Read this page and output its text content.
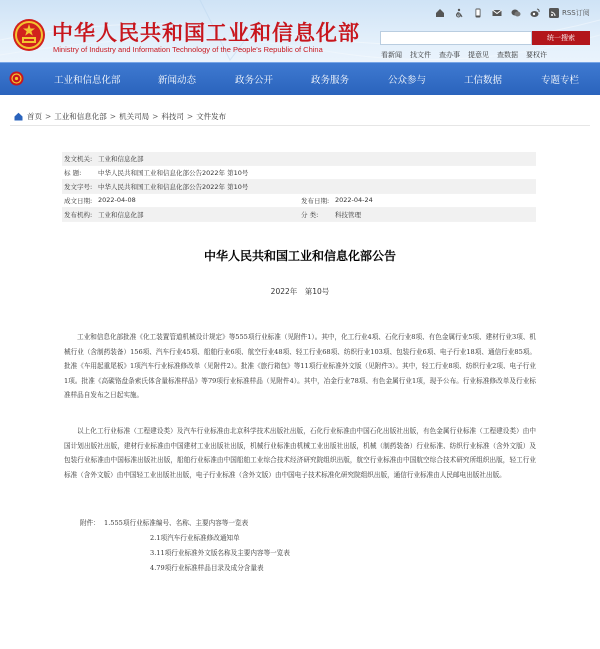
中华人民共和国工业和信息化部
Ministry of Industry and Information Technology of the People's Republic of China
RSS订阅
统一搜索
看新闻 找文件 查办事 提意见 查数据 要权许
工业和信息化部	新闻动态	政务公开	政务服务	公众参与	工信数据	专题专栏
首页 > 工业和信息化部 > 机关司局 > 科技司 > 文件发布
发文机关: 工业和信息化部
标 题:	中华人民共和国工业和信息化部公告2022年 第10号
发文字号: 中华人民共和国工业和信息化部公告2022年 第10号
成文日期: 2022-04-08	发布日期: 2022-04-24
发布机构: 工业和信息化部	分 类:	科技管理
中华人民共和国工业和信息化部公告
2022年　第10号

工业和信息化部批准《化工装置管道机械设计规定》等555项行业标准（见附件1）。其中，化工行业4项、石化行业8项、有色金属行业5项、建材行业3项、机械行业（含制药装备）156项、汽车行业45项、船舶行业6项、航空行业48项、轻工行业68项、纺织行业103项、包装行业6项、电子行业18项、通信行业85项。批准《车用起重尾板》1项汽车行业标准修改单（见附件2）。批准《旅行箱包》等11项行业标准外文版（见附件3）。其中，轻工行业8项、纺织行业2项、电子行业1项。批准《高碳铬盘条索氏体含量标准样品》等79项行业标准样品（见附件4）。其中，冶金行业78项、有色金属行业1项，现予公布。行业标准修改单及行业标准样品自发布之日起实施。

以上化工行业标准（工程建设类）及汽车行业标准由北京科学技术出版社出版，石化行业标准由中国石化出版社出版，有色金属行业标准（工程建设类）由中国计划出版社出版，建材行业标准由中国建材工业出版社出版，机械行业标准由机械工业出版社出版，机械（制药装备）行业标准、纺织行业标准（含外文版）及包装行业标准由中国标准出版社出版，船舶行业标准由中国船舶工业综合技术经济研究院组织出版，航空行业标准由中国航空综合技术研究所组织出版，轻工行业标准（含外文版）由中国轻工业出版社出版，电子行业标准（含外文版）由中国电子技术标准化研究院组织出版，通信行业标准由人民邮电出版社出版。

附件： 1.555项行业标准编号、名称、主要内容等一览表
2.1项汽车行业标准修改通知单
3.11项行业标准外文版名称及主要内容等一览表
4.79项行业标准样品目录及成分含量表
